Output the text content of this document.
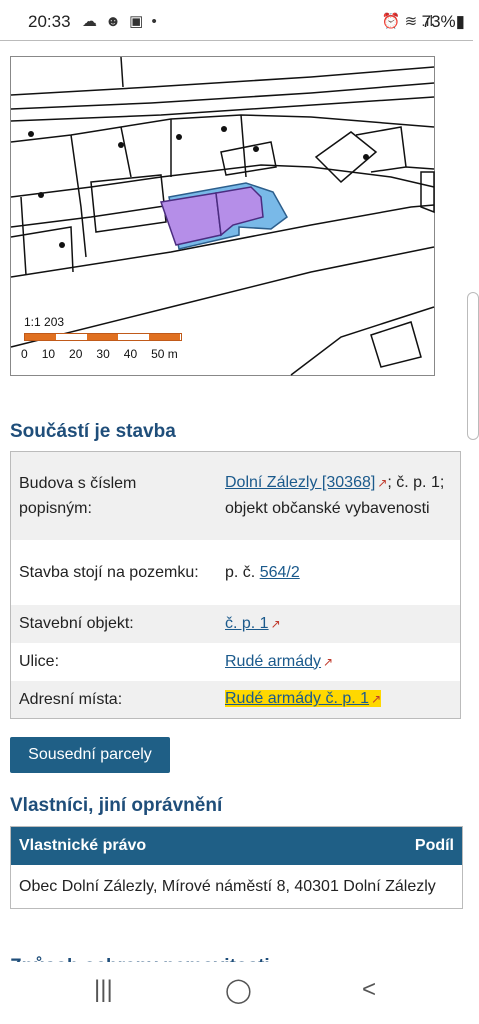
20:33 ☁ ☻ ▣ •	⏰ ≋ .ıl
73%▮
1:1 203
0 10 20 30 40 50 m
Součástí je stavba
Budova s číslem popisným:	Dolní Zálezly [30368] ↗; č. p. 1; objekt občanské vybavenosti
Stavba stojí na pozemku:	p. č. 564/2
Stavební objekt:	č. p. 1 ↗
Ulice:	Rudé armády ↗
Adresní místa:	Rudé armády č. p. 1 ↗
Sousední parcely
Vlastníci, jiní oprávnění
Vlastnické právo	Podíl
Obec Dolní Zálezly, Mírové náměstí 8, 40301 Dolní Zálezly
|||	◯	<
